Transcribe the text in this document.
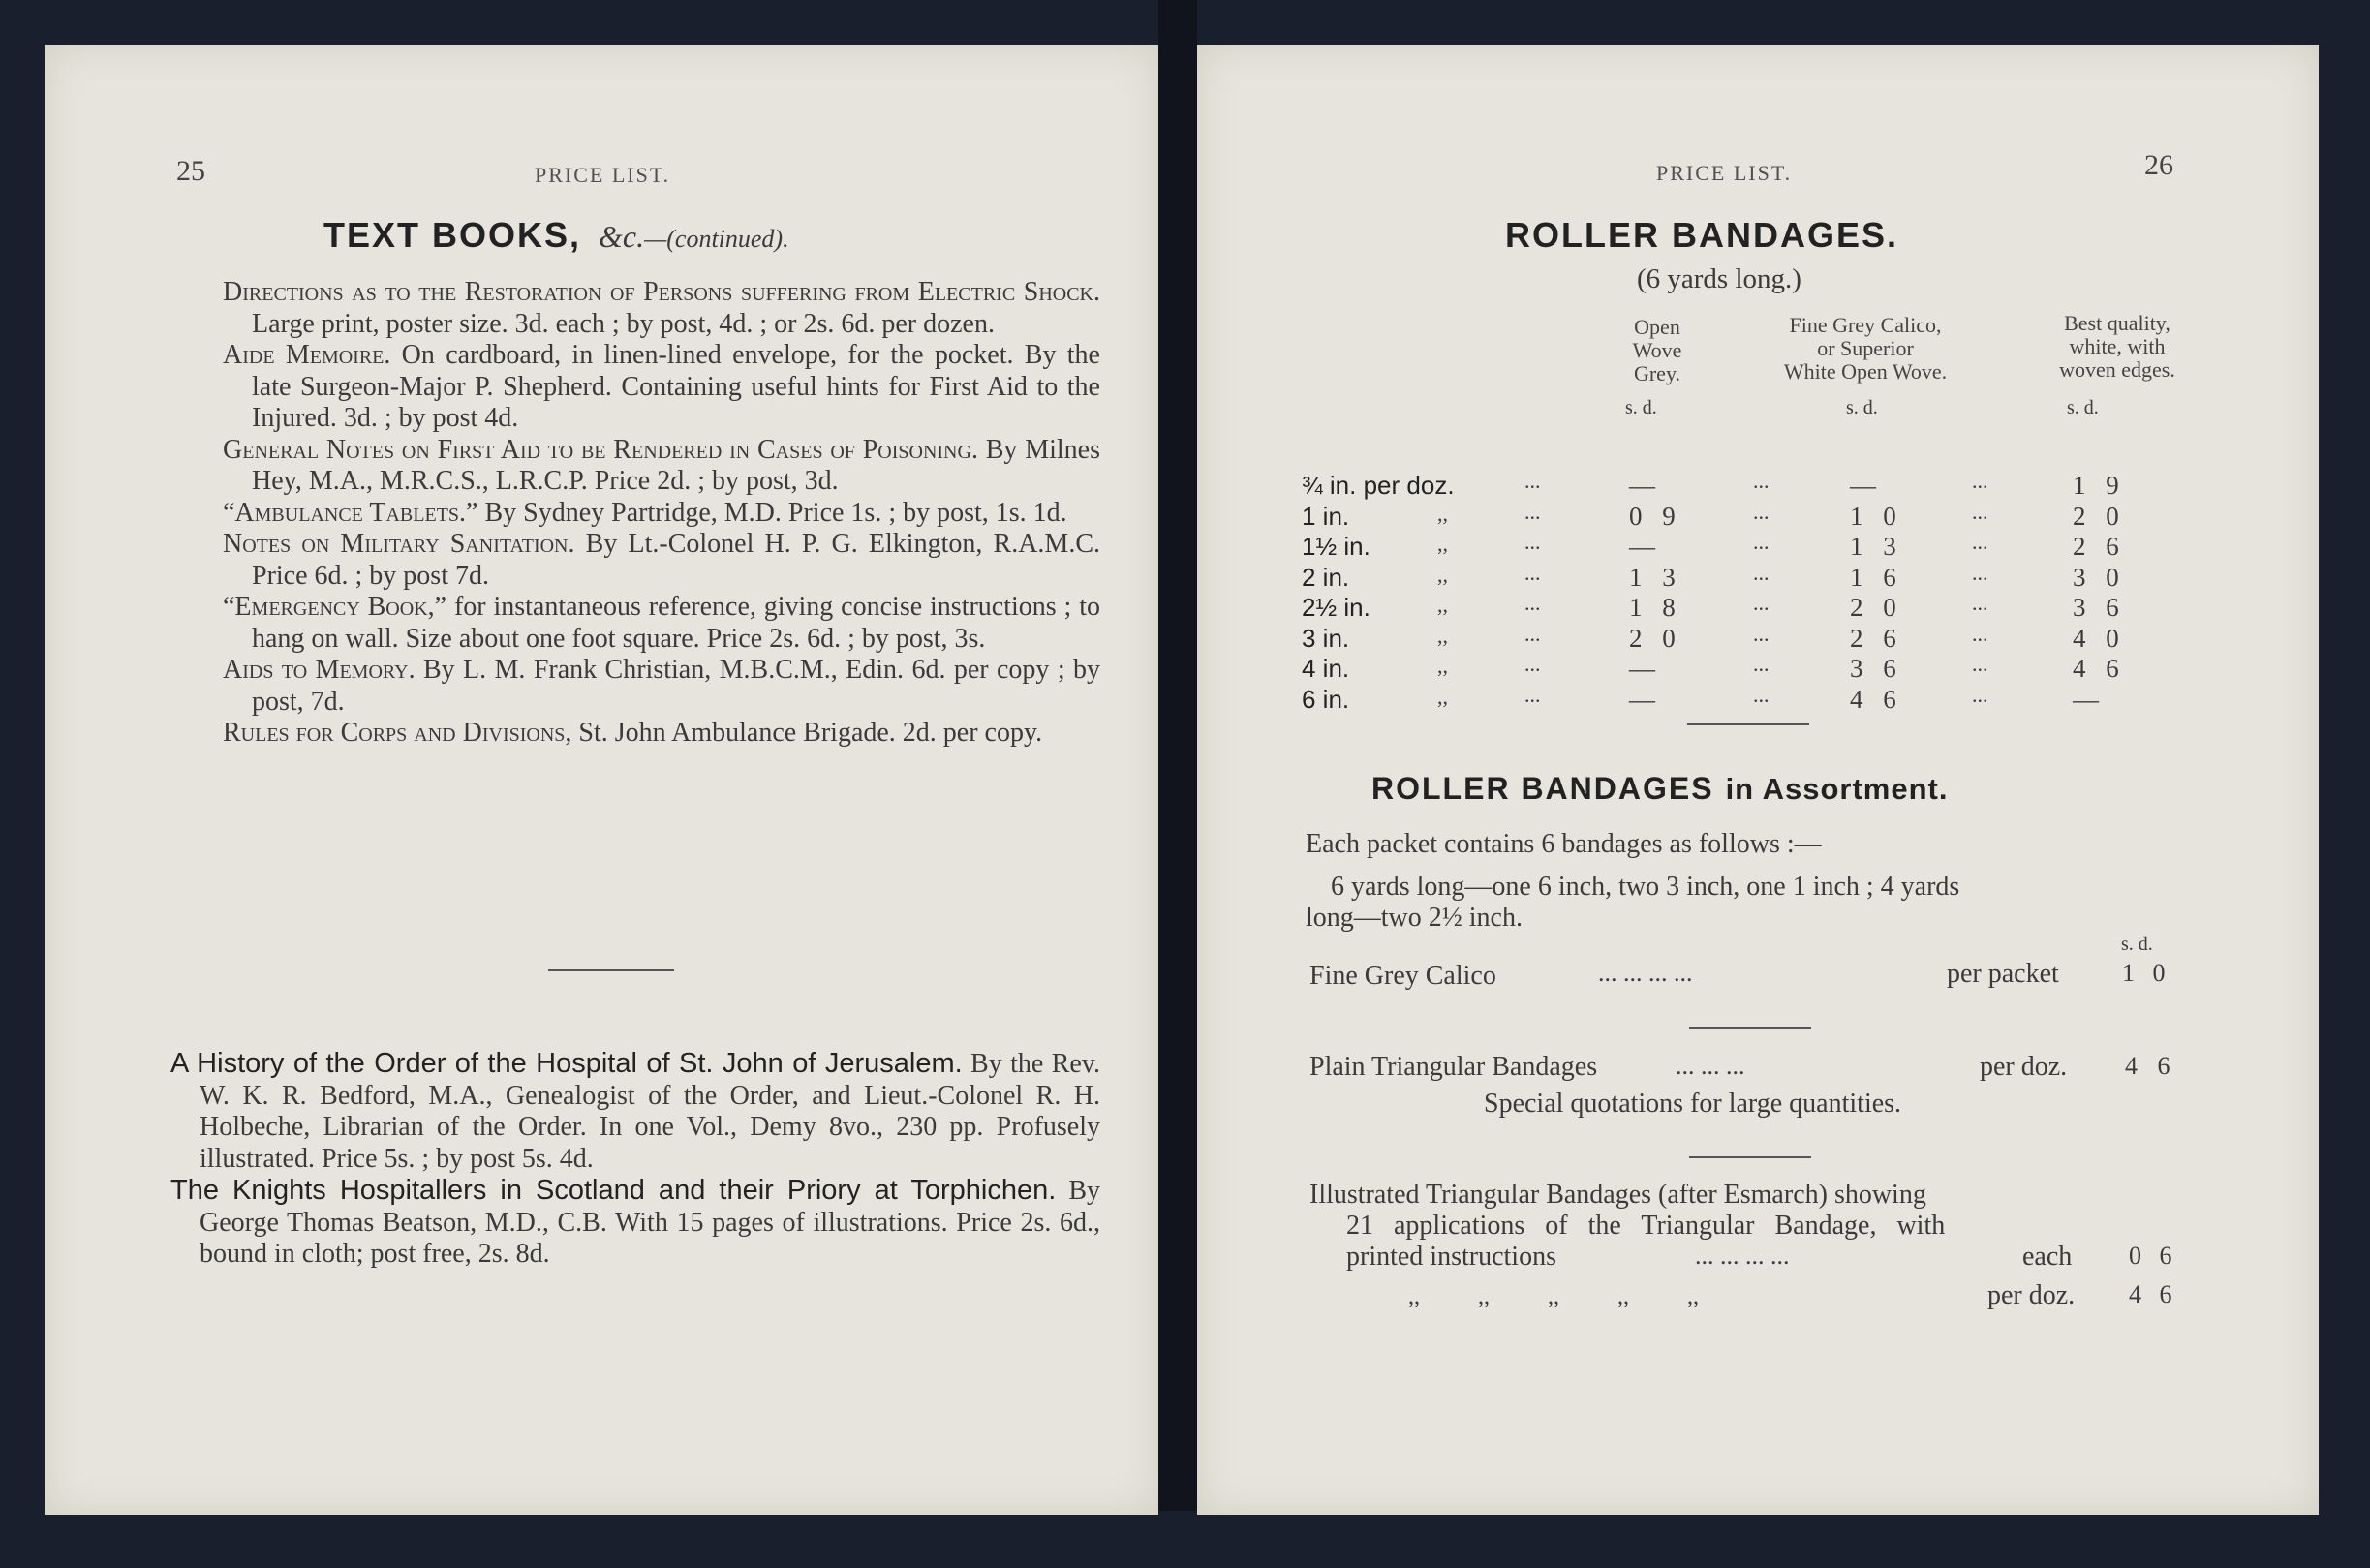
25	PRICE LIST.
TEXT BOOKS, &c.—(continued).

Directions as to the Restoration of Persons suffering from Electric Shock. Large print, poster size. 3d. each ; by post, 4d. ; or 2s. 6d. per dozen.

Aide Memoire. On cardboard, in linen-lined envelope, for the pocket. By the late Surgeon-Major P. Shepherd. Containing useful hints for First Aid to the Injured. 3d. ; by post 4d.

General Notes on First Aid to be Rendered in Cases of Poisoning. By Milnes Hey, M.A., M.R.C.S., L.R.C.P. Price 2d. ; by post, 3d.

“Ambulance Tablets.” By Sydney Partridge, M.D. Price 1s. ; by post, 1s. 1d.

Notes on Military Sanitation. By Lt.-Colonel H. P. G. Elkington, R.A.M.C. Price 6d. ; by post 7d.

“Emergency Book,” for instantaneous reference, giving concise instructions ; to hang on wall. Size about one foot square. Price 2s. 6d. ; by post, 3s.

Aids to Memory. By L. M. Frank Christian, M.B.C.M., Edin. 6d. per copy ; by post, 7d.

Rules for Corps and Divisions, St. John Ambulance Brigade. 2d. per copy.

A History of the Order of the Hospital of St. John of Jerusalem. By the Rev. W. K. R. Bedford, M.A., Genealogist of the Order, and Lieut.-Colonel R. H. Holbeche, Librarian of the Order. In one Vol., Demy 8vo., 230 pp. Profusely illustrated. Price 5s. ; by post 5s. 4d.

The Knights Hospitallers in Scotland and their Priory at Torphichen. By George Thomas Beatson, M.D., C.B. With 15 pages of illustrations. Price 2s. 6d., bound in cloth; post free, 2s. 8d.

PRICE LIST.	26
ROLLER BANDAGES.
(6 yards long.)
Open
Wove
Grey.
Fine Grey Calico,
or Superior
White Open Wove.
Best quality,
white, with
woven edges.
s. d.	s. d.	s. d.
¾ in. per doz.	...	—	...	—	...	1 9
1 in.	,,	...	0 9	...	1 0	...	2 0
1½ in.	,,	...	—	...	1 3	...	2 6
2 in.	,,	...	1 3	...	1 6	...	3 0
2½ in.	,,	...	1 8	...	2 0	...	3 6
3 in.	,,	...	2 0	...	2 6	...	4 0
4 in.	,,	...	—	...	3 6	...	4 6
6 in.	,,	...	—	...	4 6	...	—
ROLLER BANDAGES in Assortment.
Each packet contains 6 bandages as follows :—
6 yards long—one 6 inch, two 3 inch, one 1 inch ; 4 yards
long—two 2½ inch.
s. d.
Fine Grey Calico	... ... ... ...	per packet	1 0
Plain Triangular Bandages	... ... ...	per doz. 4 6
Special quotations for large quantities.
Illustrated Triangular Bandages (after Esmarch) showing
21 applications of the Triangular Bandage, with
printed instructions	... ... ... ...	each 0 6
,,          ,,          ,,          ,,          ,,	per doz. 4 6
